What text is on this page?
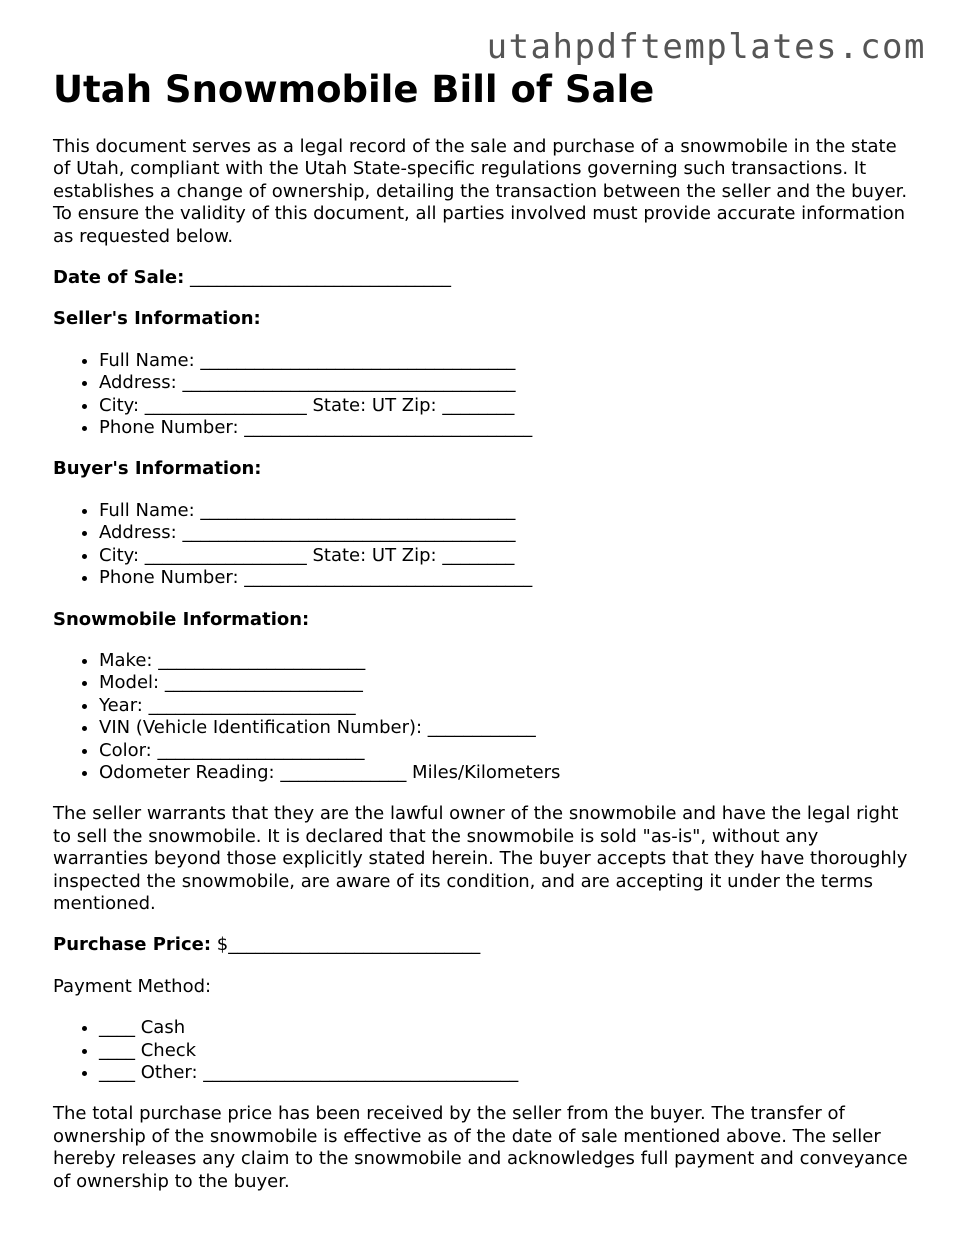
utahpdftemplates.com
Utah Snowmobile Bill of Sale

This document serves as a legal record of the sale and purchase of a snowmobile in the state of Utah, compliant with the Utah State-specific regulations governing such transactions. It establishes a change of ownership, detailing the transaction between the seller and the buyer. To ensure the validity of this document, all parties involved must provide accurate information as requested below.

Date of Sale: _____________________________
Seller's Information:
• Full Name: ___________________________________
• Address: _____________________________________
• City: __________________ State: UT Zip: ________
• Phone Number: ________________________________
Buyer's Information:
• Full Name: ___________________________________
• Address: _____________________________________
• City: __________________ State: UT Zip: ________
• Phone Number: ________________________________
Snowmobile Information:
• Make: _______________________
• Model: ______________________
• Year: _______________________
• VIN (Vehicle Identification Number): ____________
• Color: _______________________
• Odometer Reading: ______________ Miles/Kilometers

The seller warrants that they are the lawful owner of the snowmobile and have the legal right to sell the snowmobile. It is declared that the snowmobile is sold "as-is", without any warranties beyond those explicitly stated herein. The buyer accepts that they have thoroughly inspected the snowmobile, are aware of its condition, and are accepting it under the terms mentioned.

Purchase Price: $____________________________
Payment Method:
• ____ Cash
• ____ Check
• ____ Other: ___________________________________

The total purchase price has been received by the seller from the buyer. The transfer of ownership of the snowmobile is effective as of the date of sale mentioned above. The seller hereby releases any claim to the snowmobile and acknowledges full payment and conveyance of ownership to the buyer.
